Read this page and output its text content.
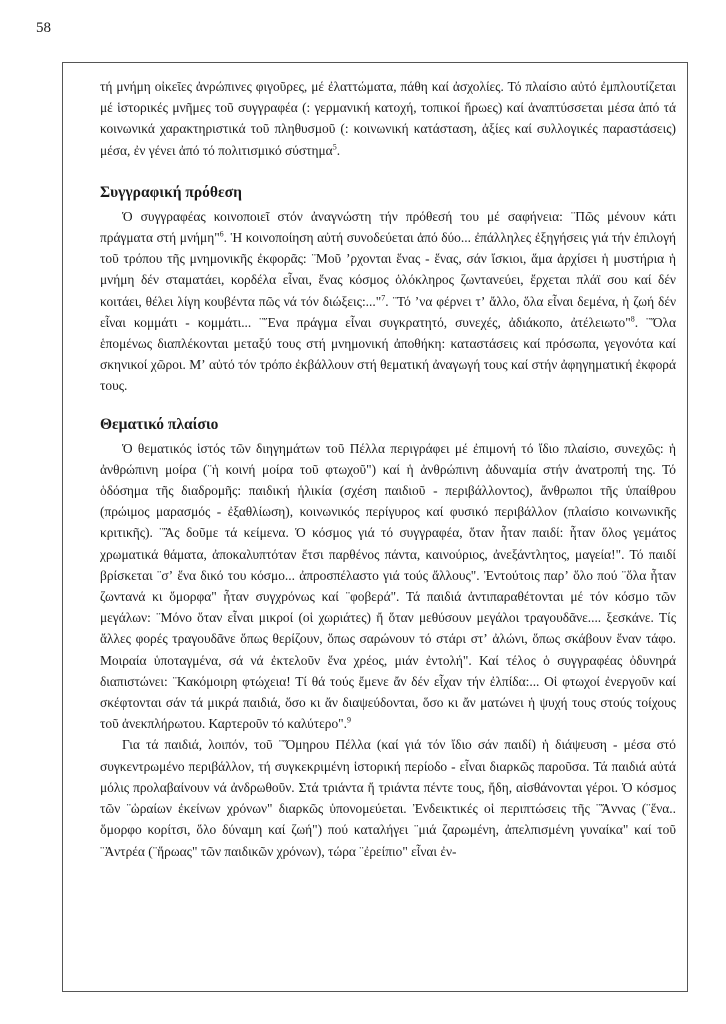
58

τή μνήμη οἰκεῖες ἀνρώπινες φιγοῦρες, μέ ἐλαττώματα, πάθη καί ἀσχολίες. Τό πλαίσιο αὐτό ἐμπλουτίζεται μέ ἱστορικές μνῆμες τοῦ συγγραφέα (: γερμανική κατοχή, τοπικοί ἥρωες) καί ἀναπτύσσεται μέσα ἀπό τά κοινωνικά χαρακτηριστικά τοῦ πληθυσμοῦ (: κοινωνική κατάσταση, ἀξίες καί συλλογικές παραστάσεις) μέσα, ἐν γένει ἀπό τό πολιτισμικό σύστημα$^5$.

Συγγραφική πρόθεση

Ὁ συγγραφέας κοινοποιεῖ στόν ἀναγνώστη τήν πρόθεσή του μέ σαφήνεια: ¨Πῶς μένουν κάτι πράγματα στή μνήμη"$^6$. Ἡ κοινοποίηση αὐτή συνοδεύεται ἀπό δύο... ἐπάλληλες ἐξηγήσεις γιά τήν ἐπιλογή τοῦ τρόπου τῆς μνημονικῆς ἐκφορᾶς: ¨Μοῦ ʼρχονται ἕνας - ἕνας, σάν ἴσκιοι, ἅμα ἀρχίσει ἡ μυστήρια ἡ μνήμη δέν σταματάει, κορδέλα εἶναι, ἕνας κόσμος ὁλόκληρος ζωντανεύει, ἔρχεται πλάϊ σου καί δέν κοιτάει, θέλει λίγη κουβέντα πῶς νά τόν διώξεις:..."$^7$. ¨Τό ʼνα φέρνει τʼ ἄλλο, ὅλα εἶναι δεμένα, ἡ ζωή δέν εἶναι κομμάτι - κομμάτι... ¨Ἕνα πράγμα εἶναι συγκρατητό, συνεχές, ἀδιάκοπο, ἀτέλειωτο"$^8$. ¨Ὅλα ἑπομένως διαπλέκονται μεταξύ τους στή μνημονική ἀποθήκη: καταστάσεις καί πρόσωπα, γεγονότα καί σκηνικοί χῶροι. Μʼ αὐτό τόν τρόπο ἐκβάλλουν στή θεματική ἀναγωγή τους καί στήν ἀφηγηματική ἐκφορά τους.

Θεματικό πλαίσιο

Ὁ θεματικός ἱστός τῶν διηγημάτων τοῦ Πέλλα περιγράφει μέ ἐπιμονή τό ἴδιο πλαίσιο, συνεχῶς: ἡ ἀνθρώπινη μοίρα (¨ἡ κοινή μοίρα τοῦ φτωχοῦ") καί ἡ ἀνθρώπινη ἀδυναμία στήν ἀνατροπή της. Τό ὁδόσημα τῆς διαδρομῆς: παιδική ἡλικία (σχέση παιδιοῦ - περιβάλλοντος), ἄνθρωποι τῆς ὑπαίθρου (πρώιμος μαρασμός - ἐξαθλίωση), κοινωνικός περίγυρος καί φυσικό περιβάλλον (πλαίσιο κοινωνικῆς κριτικῆς). ¨Ἂς δοῦμε τά κείμενα. Ὁ κόσμος γιά τό συγγραφέα, ὅταν ἦταν παιδί: ἦταν ὅλος γεμάτος χρωματικά θάματα, ἀποκαλυπτόταν ἔτσι παρθένος πάντα, καινούριος, ἀνεξάντλητος, μαγεία!". Τό παιδί βρίσκεται ¨σʼ ἕνα δικό του κόσμο... ἀπροσπέλαστο γιά τούς ἄλλους". Ἐντούτοις παρʼ ὅλο πού ¨ὅλα ἦταν ζωντανά κι ὅμορφα" ἦταν συγχρόνως καί ¨φοβερά". Τά παιδιά ἀντιπαραθέτονται μέ τόν κόσμο τῶν μεγάλων: ¨Μόνο ὅταν εἶναι μικροί (οἱ χωριάτες) ἤ ὅταν μεθύσουν μεγάλοι τραγουδᾶνε.... ξεσκάνε. Τίς ἄλλες φορές τραγουδᾶνε ὅπως θερίζουν, ὅπως σαρώνουν τό στάρι στʼ ἀλώνι, ὅπως σκάβουν ἕναν τάφο. Μοιραία ὑποταγμένα, σά νά ἐκτελοῦν ἕνα χρέος, μιάν ἐντολή". Καί τέλος ὁ συγγραφέας ὀδυνηρά διαπιστώνει: ¨Κακόμοιρη φτώχεια! Τί θά τούς ἔμενε ἄν δέν εἶχαν τήν ἐλπίδα:... Οἱ φτωχοί ἐνεργοῦν καί σκέφτονται σάν τά μικρά παιδιά, ὅσο κι ἄν διαψεύδονται, ὅσο κι ἄν ματώνει ἡ ψυχή τους στούς τοίχους τοῦ ἀνεκπλήρωτου. Καρτεροῦν τό καλύτερο".$^9$

Για τά παιδιά, λοιπόν, τοῦ ¨Ὅμηρου Πέλλα (καί γιά τόν ἴδιο σάν παιδί) ἡ διάψευση - μέσα στό συγκεντρωμένο περιβάλλον, τή συγκεκριμένη ἱστορική περίοδο - εἶναι διαρκῶς παροῦσα. Τά παιδιά αὐτά μόλις προλαβαίνουν νά ἀνδρωθοῦν. Στά τριάντα ἤ τριάντα πέντε τους, ἤδη, αἰσθάνονται γέροι. Ὁ κόσμος τῶν ¨ὡραίων ἐκείνων χρόνων" διαρκῶς ὑπονομεύεται. Ἐνδεικτικές οἱ περιπτώσεις τῆς ¨Ἄννας (¨ἕνα.. ὅμορφο κορίτσι, ὅλο δύναμη καί ζωή") πού καταλήγει ¨μιά ζαρωμένη, ἀπελπισμένη γυναίκα" καί τοῦ ¨Ἀντρέα (¨ἥρωας" τῶν παιδικῶν χρόνων), τώρα ¨ἐρείπιο" εἶναι ἐν-
